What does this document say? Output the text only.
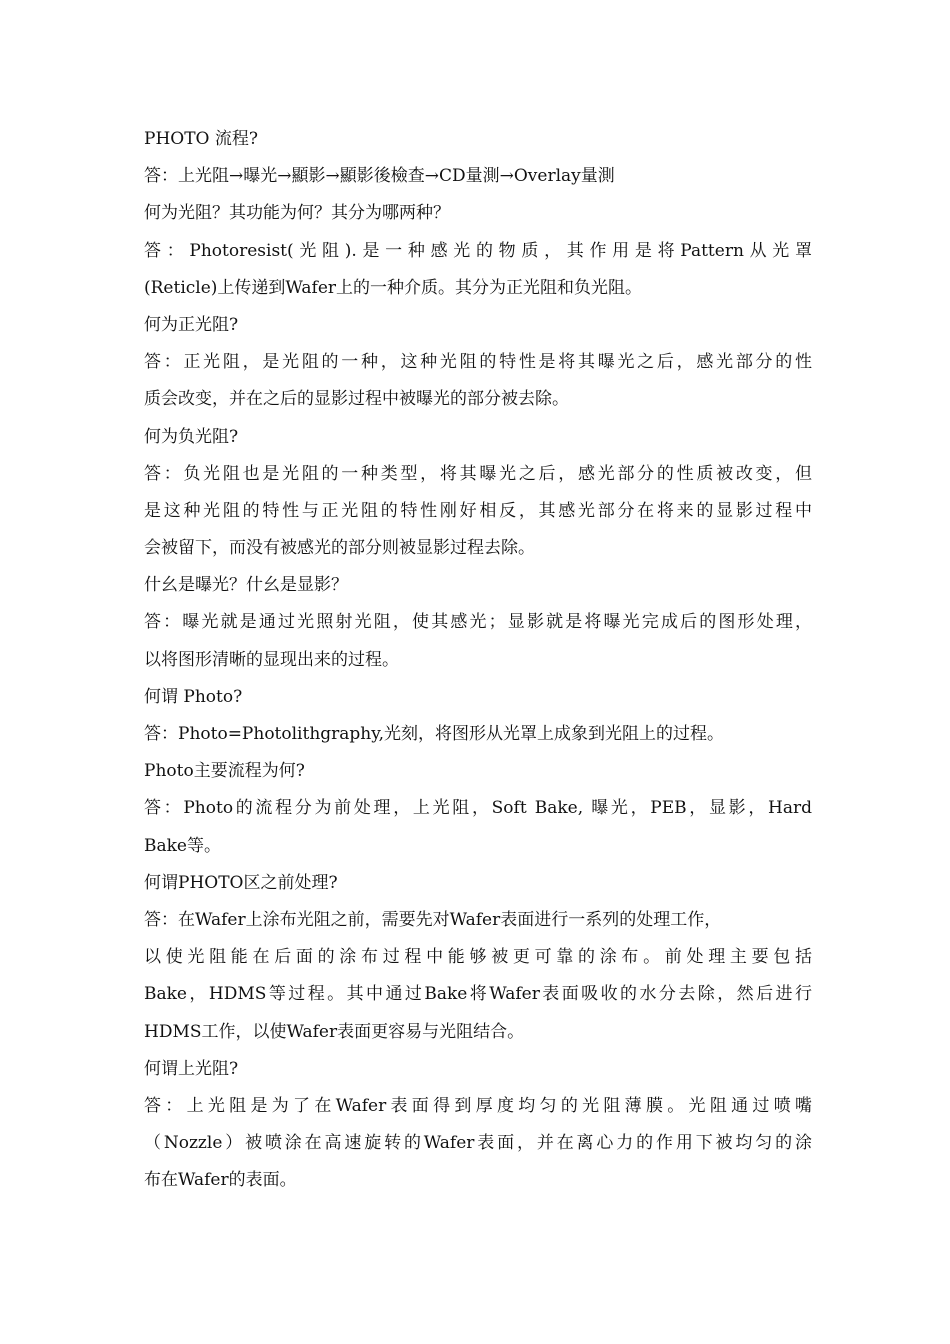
PHOTO 流程?
答：上光阻→曝光→顯影→顯影後檢查→CD量測→Overlay量測
何为光阻？其功能为何？其分为哪两种？
答：Photoresist(光阻).是一种感光的物质，其作用是将Pattern从光罩
(Reticle)上传递到Wafer上的一种介质。其分为正光阻和负光阻。
何为正光阻?
答：正光阻，是光阻的一种，这种光阻的特性是将其曝光之后，感光部分的性
质会改变，并在之后的显影过程中被曝光的部分被去除。
何为负光阻?
答：负光阻也是光阻的一种类型，将其曝光之后，感光部分的性质被改变，但
是这种光阻的特性与正光阻的特性刚好相反，其感光部分在将来的显影过程中
会被留下，而没有被感光的部分则被显影过程去除。
什幺是曝光？什幺是显影？
答：曝光就是通过光照射光阻，使其感光；显影就是将曝光完成后的图形处理，
以将图形清晰的显现出来的过程。
何谓 Photo?
答：Photo=Photolithgraphy,光刻，将图形从光罩上成象到光阻上的过程。
Photo主要流程为何?
答：Photo的流程分为前处理，上光阻，Soft Bake, 曝光，PEB，显影，Hard
Bake等。
何谓PHOTO区之前处理?
答：在Wafer上涂布光阻之前，需要先对Wafer表面进行一系列的处理工作，
以使光阻能在后面的涂布过程中能够被更可靠的涂布。前处理主要包括
Bake，HDMS等过程。其中通过Bake将Wafer表面吸收的水分去除，然后进行
HDMS工作，以使Wafer表面更容易与光阻结合。
何谓上光阻?
答：上光阻是为了在Wafer表面得到厚度均匀的光阻薄膜。光阻通过喷嘴
（Nozzle）被喷涂在高速旋转的Wafer表面，并在离心力的作用下被均匀的涂
布在Wafer的表面。
